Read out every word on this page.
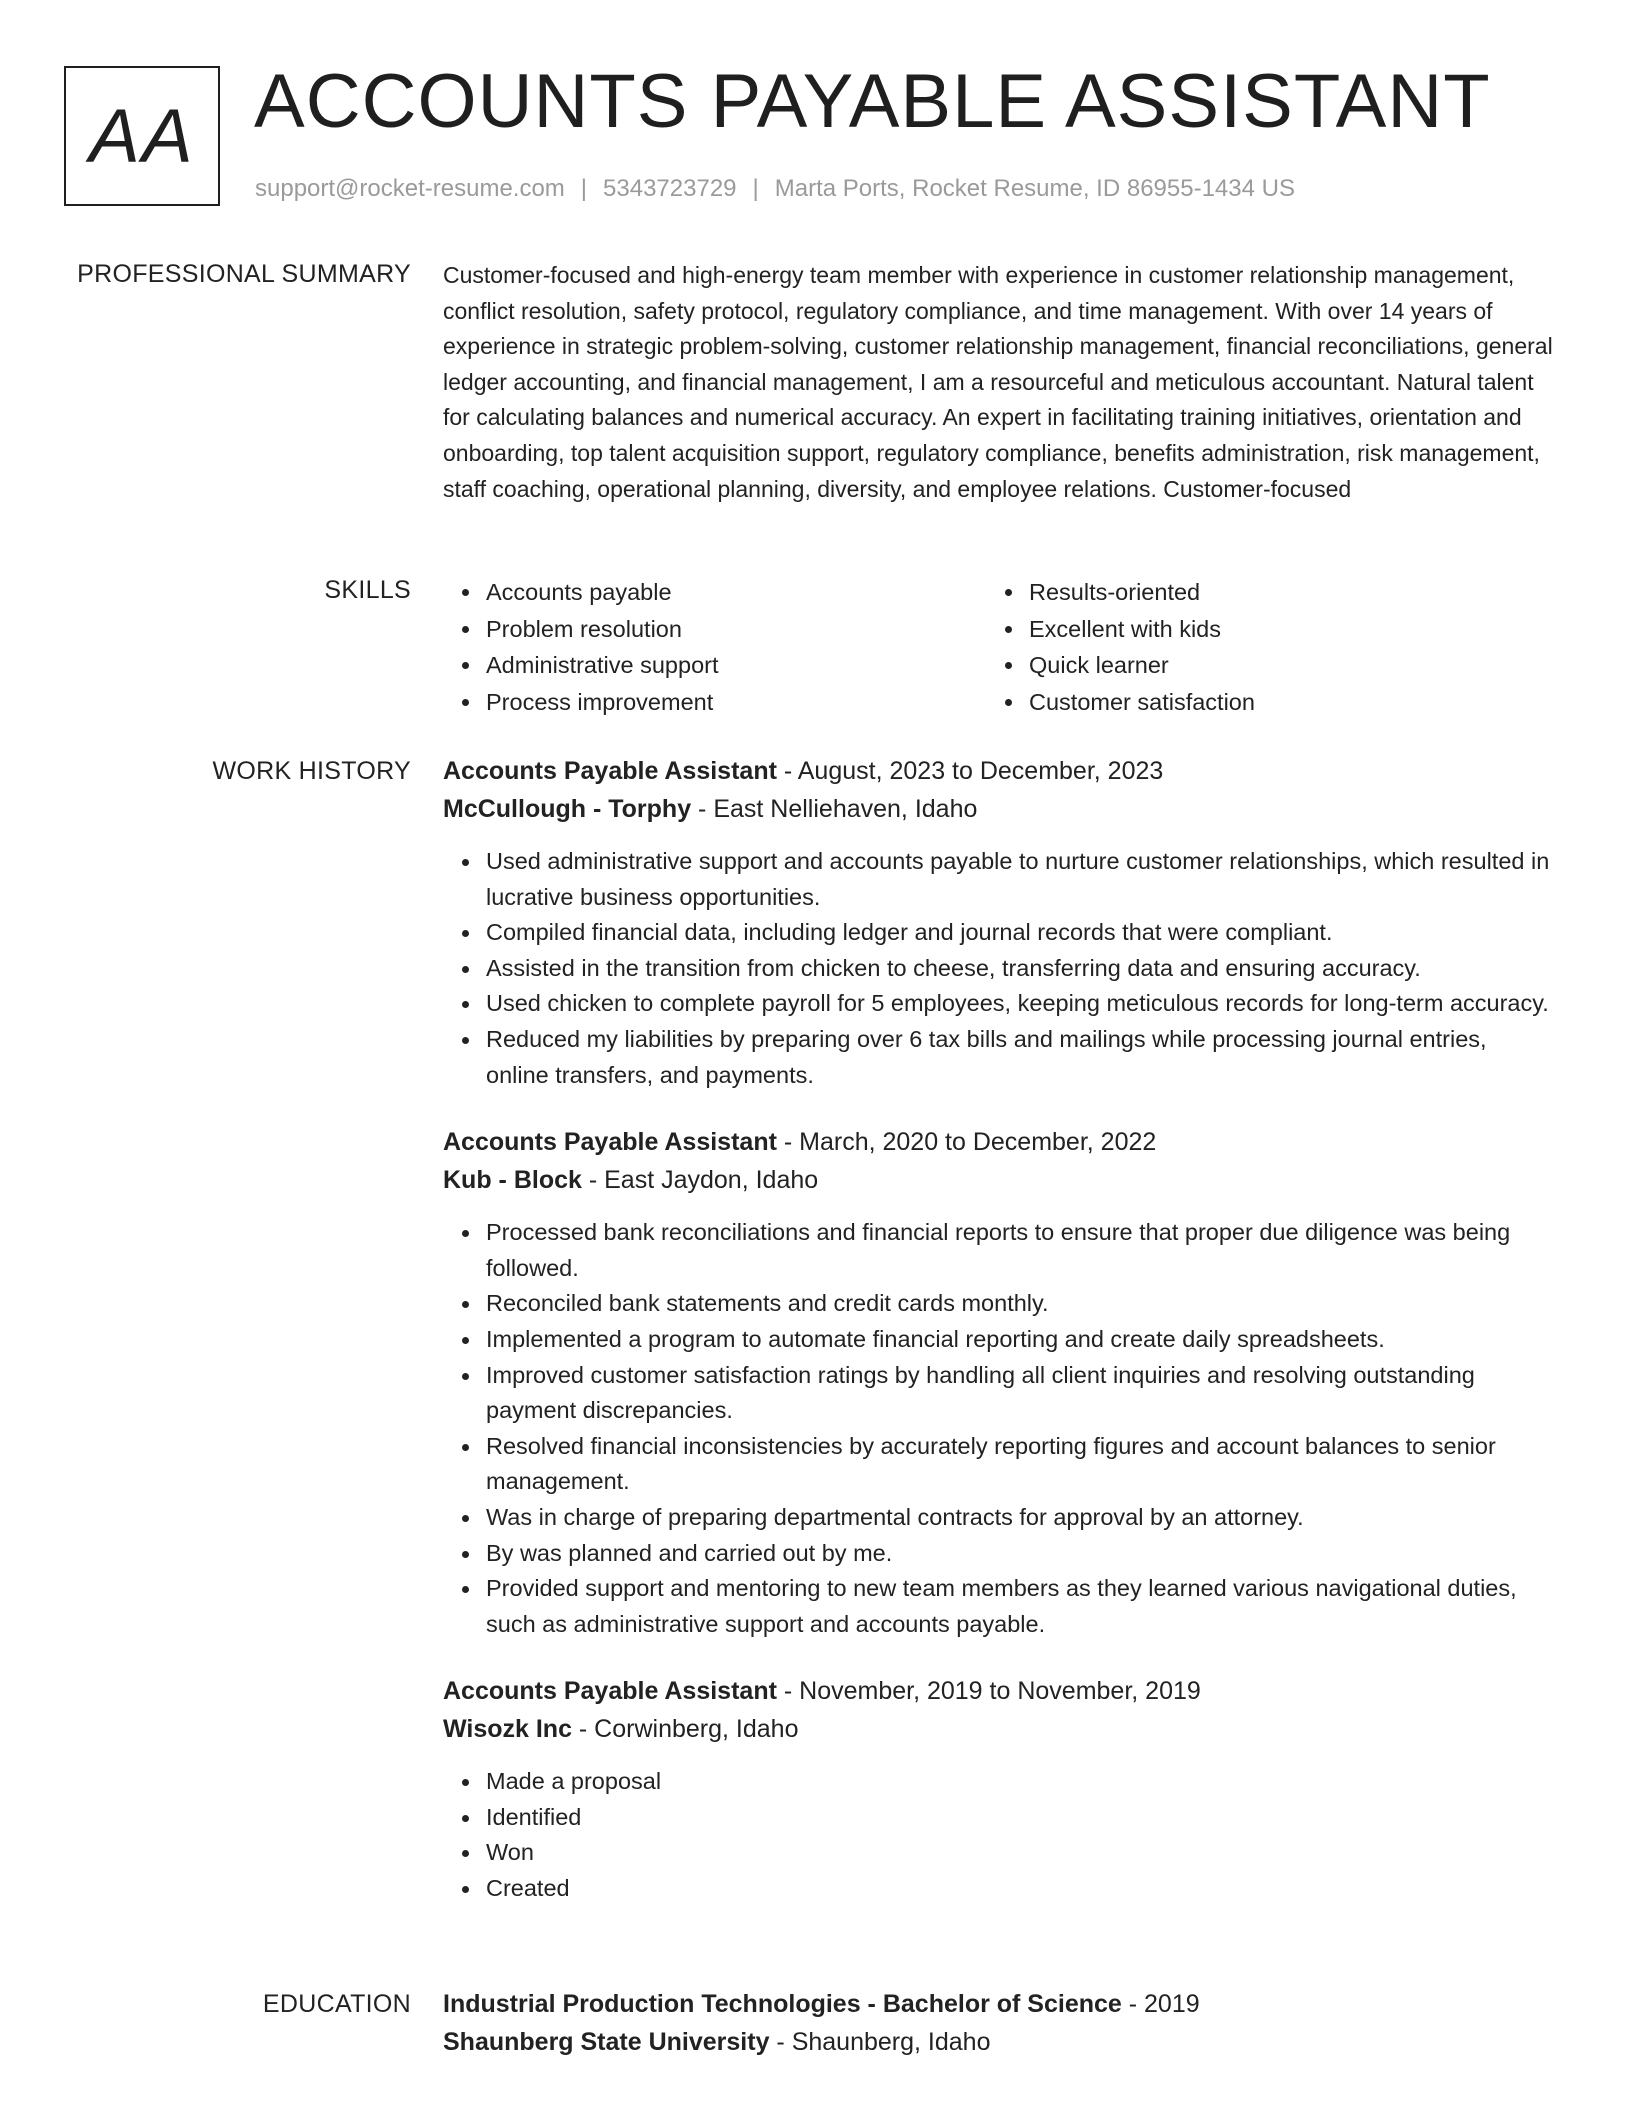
AA ACCOUNTS PAYABLE ASSISTANT
support@rocket-resume.com | 5343723729 | Marta Ports, Rocket Resume, ID 86955-1434 US
PROFESSIONAL SUMMARY Customer-focused and high-energy team member with experience in customer relationship management, conflict resolution, safety protocol, regulatory compliance, and time management. With over 14 years of experience in strategic problem-solving, customer relationship management, financial reconciliations, general ledger accounting, and financial management, I am a resourceful and meticulous accountant. Natural talent for calculating balances and numerical accuracy. An expert in facilitating training initiatives, orientation and onboarding, top talent acquisition support, regulatory compliance, benefits administration, risk management, staff coaching, operational planning, diversity, and employee relations. Customer-focused

SKILLS	Accounts payable
Problem resolution
Administrative support
Process improvement
Results-oriented
Excellent with kids
Quick learner
Customer satisfaction
WORK HISTORY Accounts Payable Assistant - August, 2023 to December, 2023
McCullough - Torphy - East Nelliehaven, Idaho
Used administrative support and accounts payable to nurture customer relationships, which resulted in lucrative business opportunities.
Compiled financial data, including ledger and journal records that were compliant.
Assisted in the transition from chicken to cheese, transferring data and ensuring accuracy.
Used chicken to complete payroll for 5 employees, keeping meticulous records for long-term accuracy.
Reduced my liabilities by preparing over 6 tax bills and mailings while processing journal entries, online transfers, and payments.
Accounts Payable Assistant - March, 2020 to December, 2022
Kub - Block - East Jaydon, Idaho
Processed bank reconciliations and financial reports to ensure that proper due diligence was being followed.
Reconciled bank statements and credit cards monthly.
Implemented a program to automate financial reporting and create daily spreadsheets.
Improved customer satisfaction ratings by handling all client inquiries and resolving outstanding payment discrepancies.
Resolved financial inconsistencies by accurately reporting figures and account balances to senior management.
Was in charge of preparing departmental contracts for approval by an attorney.
By was planned and carried out by me.
Provided support and mentoring to new team members as they learned various navigational duties, such as administrative support and accounts payable.
Accounts Payable Assistant - November, 2019 to November, 2019
Wisozk Inc - Corwinberg, Idaho
Made a proposal
Identified
Won
Created
EDUCATION Industrial Production Technologies - Bachelor of Science - 2019
Shaunberg State University - Shaunberg, Idaho
